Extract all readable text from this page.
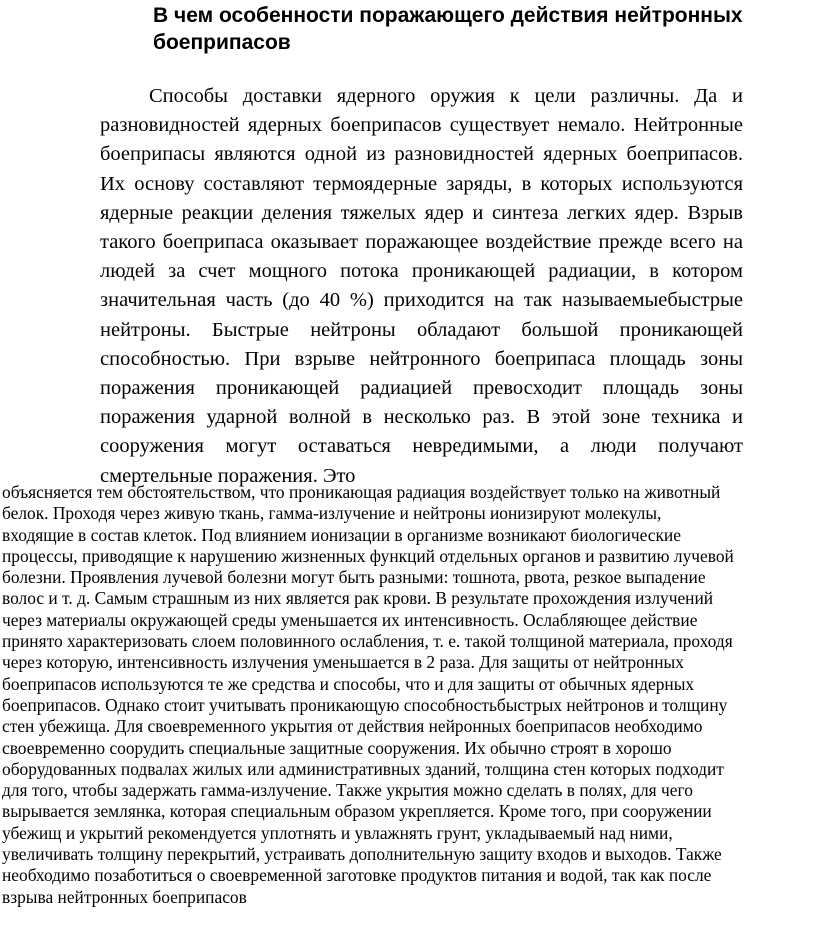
В чем особенности поражающего действия нейтронных боеприпасов

Способы доставки ядерного оружия к цели различны. Да и разновидностей ядерных боеприпасов существует немало. Нейтронные боеприпасы являются одной из разновидностей ядерных боеприпасов. Их основу составляют термоядерные заряды, в которых используются ядерные реакции деления тяжелых ядер и синтеза легких ядер. Взрыв такого боеприпаса оказывает поражающее воздействие прежде всего на людей за счет мощного потока проникающей радиации, в котором значительная часть (до 40 %) приходится на так называемыебыстрые нейтроны. Быстрые нейтроны обладают большой проникающей способностью. При взрыве нейтронного боеприпаса площадь зоны поражения проникающей радиацией превосходит площадь зоны поражения ударной волной в несколько раз. В этой зоне техника и сооружения могут оставаться невредимыми, а люди получают смертельные поражения. Это

объясняется тем обстоятельством, что проникающая радиация воздействует только на животный
белок. Проходя через живую ткань, гамма-излучение и нейтроны ионизируют молекулы,
входящие в состав клеток. Под влиянием ионизации в организме возникают биологические
процессы, приводящие к нарушению жизненных функций отдельных органов и развитию лучевой
болезни. Проявления лучевой болезни могут быть разными: тошнота, рвота, резкое выпадение
волос и т. д. Самым страшным из них является рак крови. В результате прохождения излучений
через материалы окружающей среды уменьшается их интенсивность. Ослабляющее действие
принято характеризовать слоем половинного ослабления, т. е. такой толщиной материала, проходя
через которую, интенсивность излучения уменьшается в 2 раза. Для защиты от нейтронных
боеприпасов используются те же средства и способы, что и для защиты от обычных ядерных
боеприпасов. Однако стоит учитывать проникающую способностьбыстрых нейтронов и толщину
стен убежища. Для своевременного укрытия от действия нейронных боеприпасов необходимо
своевременно соорудить специальные защитные сооружения. Их обычно строят в хорошо
оборудованных подвалах жилых или административных зданий, толщина стен которых подходит
для того, чтобы задержать гамма-излучение. Также укрытия можно сделать в полях, для чего
вырывается землянка, которая специальным образом укрепляется. Кроме того, при сооружении
убежищ и укрытий рекомендуется уплотнять и увлажнять грунт, укладываемый над ними,
увеличивать толщину перекрытий, устраивать дополнительную защиту входов и выходов. Также
необходимо позаботиться о своевременной заготовке продуктов питания и водой, так как после
взрыва нейтронных боеприпасов
